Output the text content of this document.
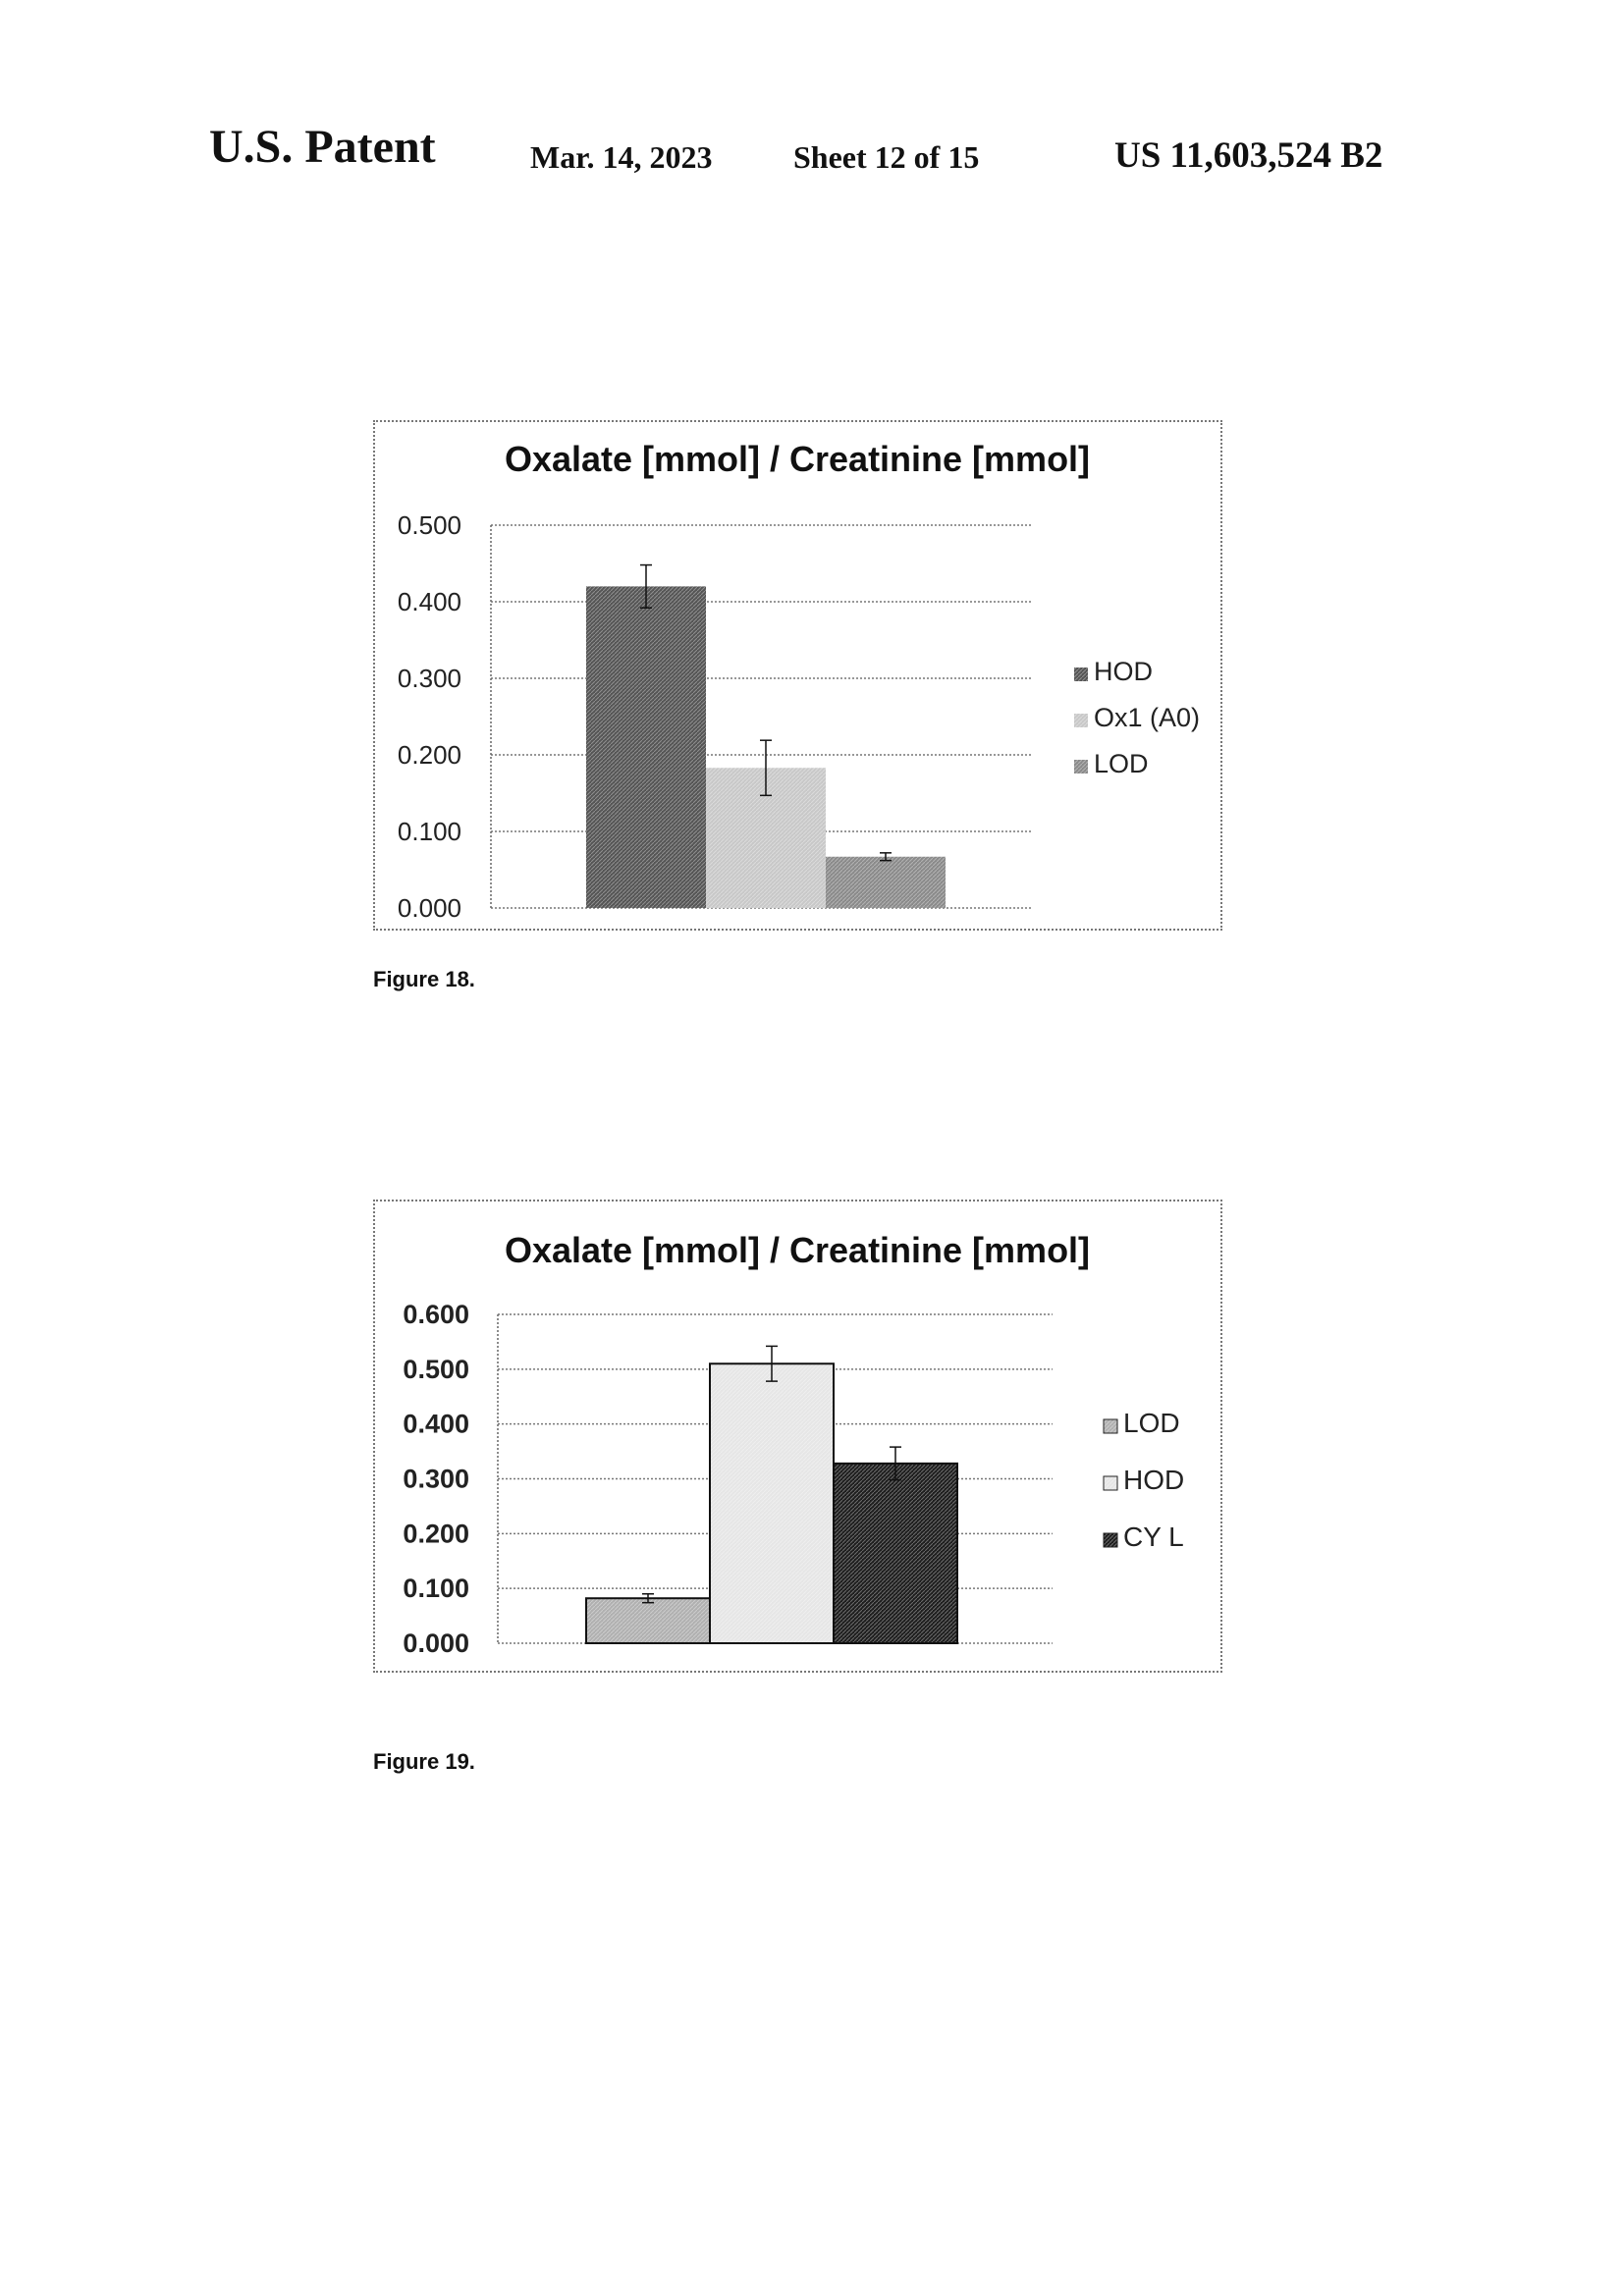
U.S. Patent	Mar. 14, 2023	Sheet 12 of 15	US 11,603,524 B2
Oxalate [mmol] / Creatinine [mmol]
0.000
0.100
0.200
0.300
0.400
0.500
HOD
Ox1 (A0)
LOD
Figure 18.
Oxalate [mmol] / Creatinine [mmol]
0.000
0.100
0.200
0.300
0.400
0.500
0.600
LOD
HOD
CY L
Figure 19.
